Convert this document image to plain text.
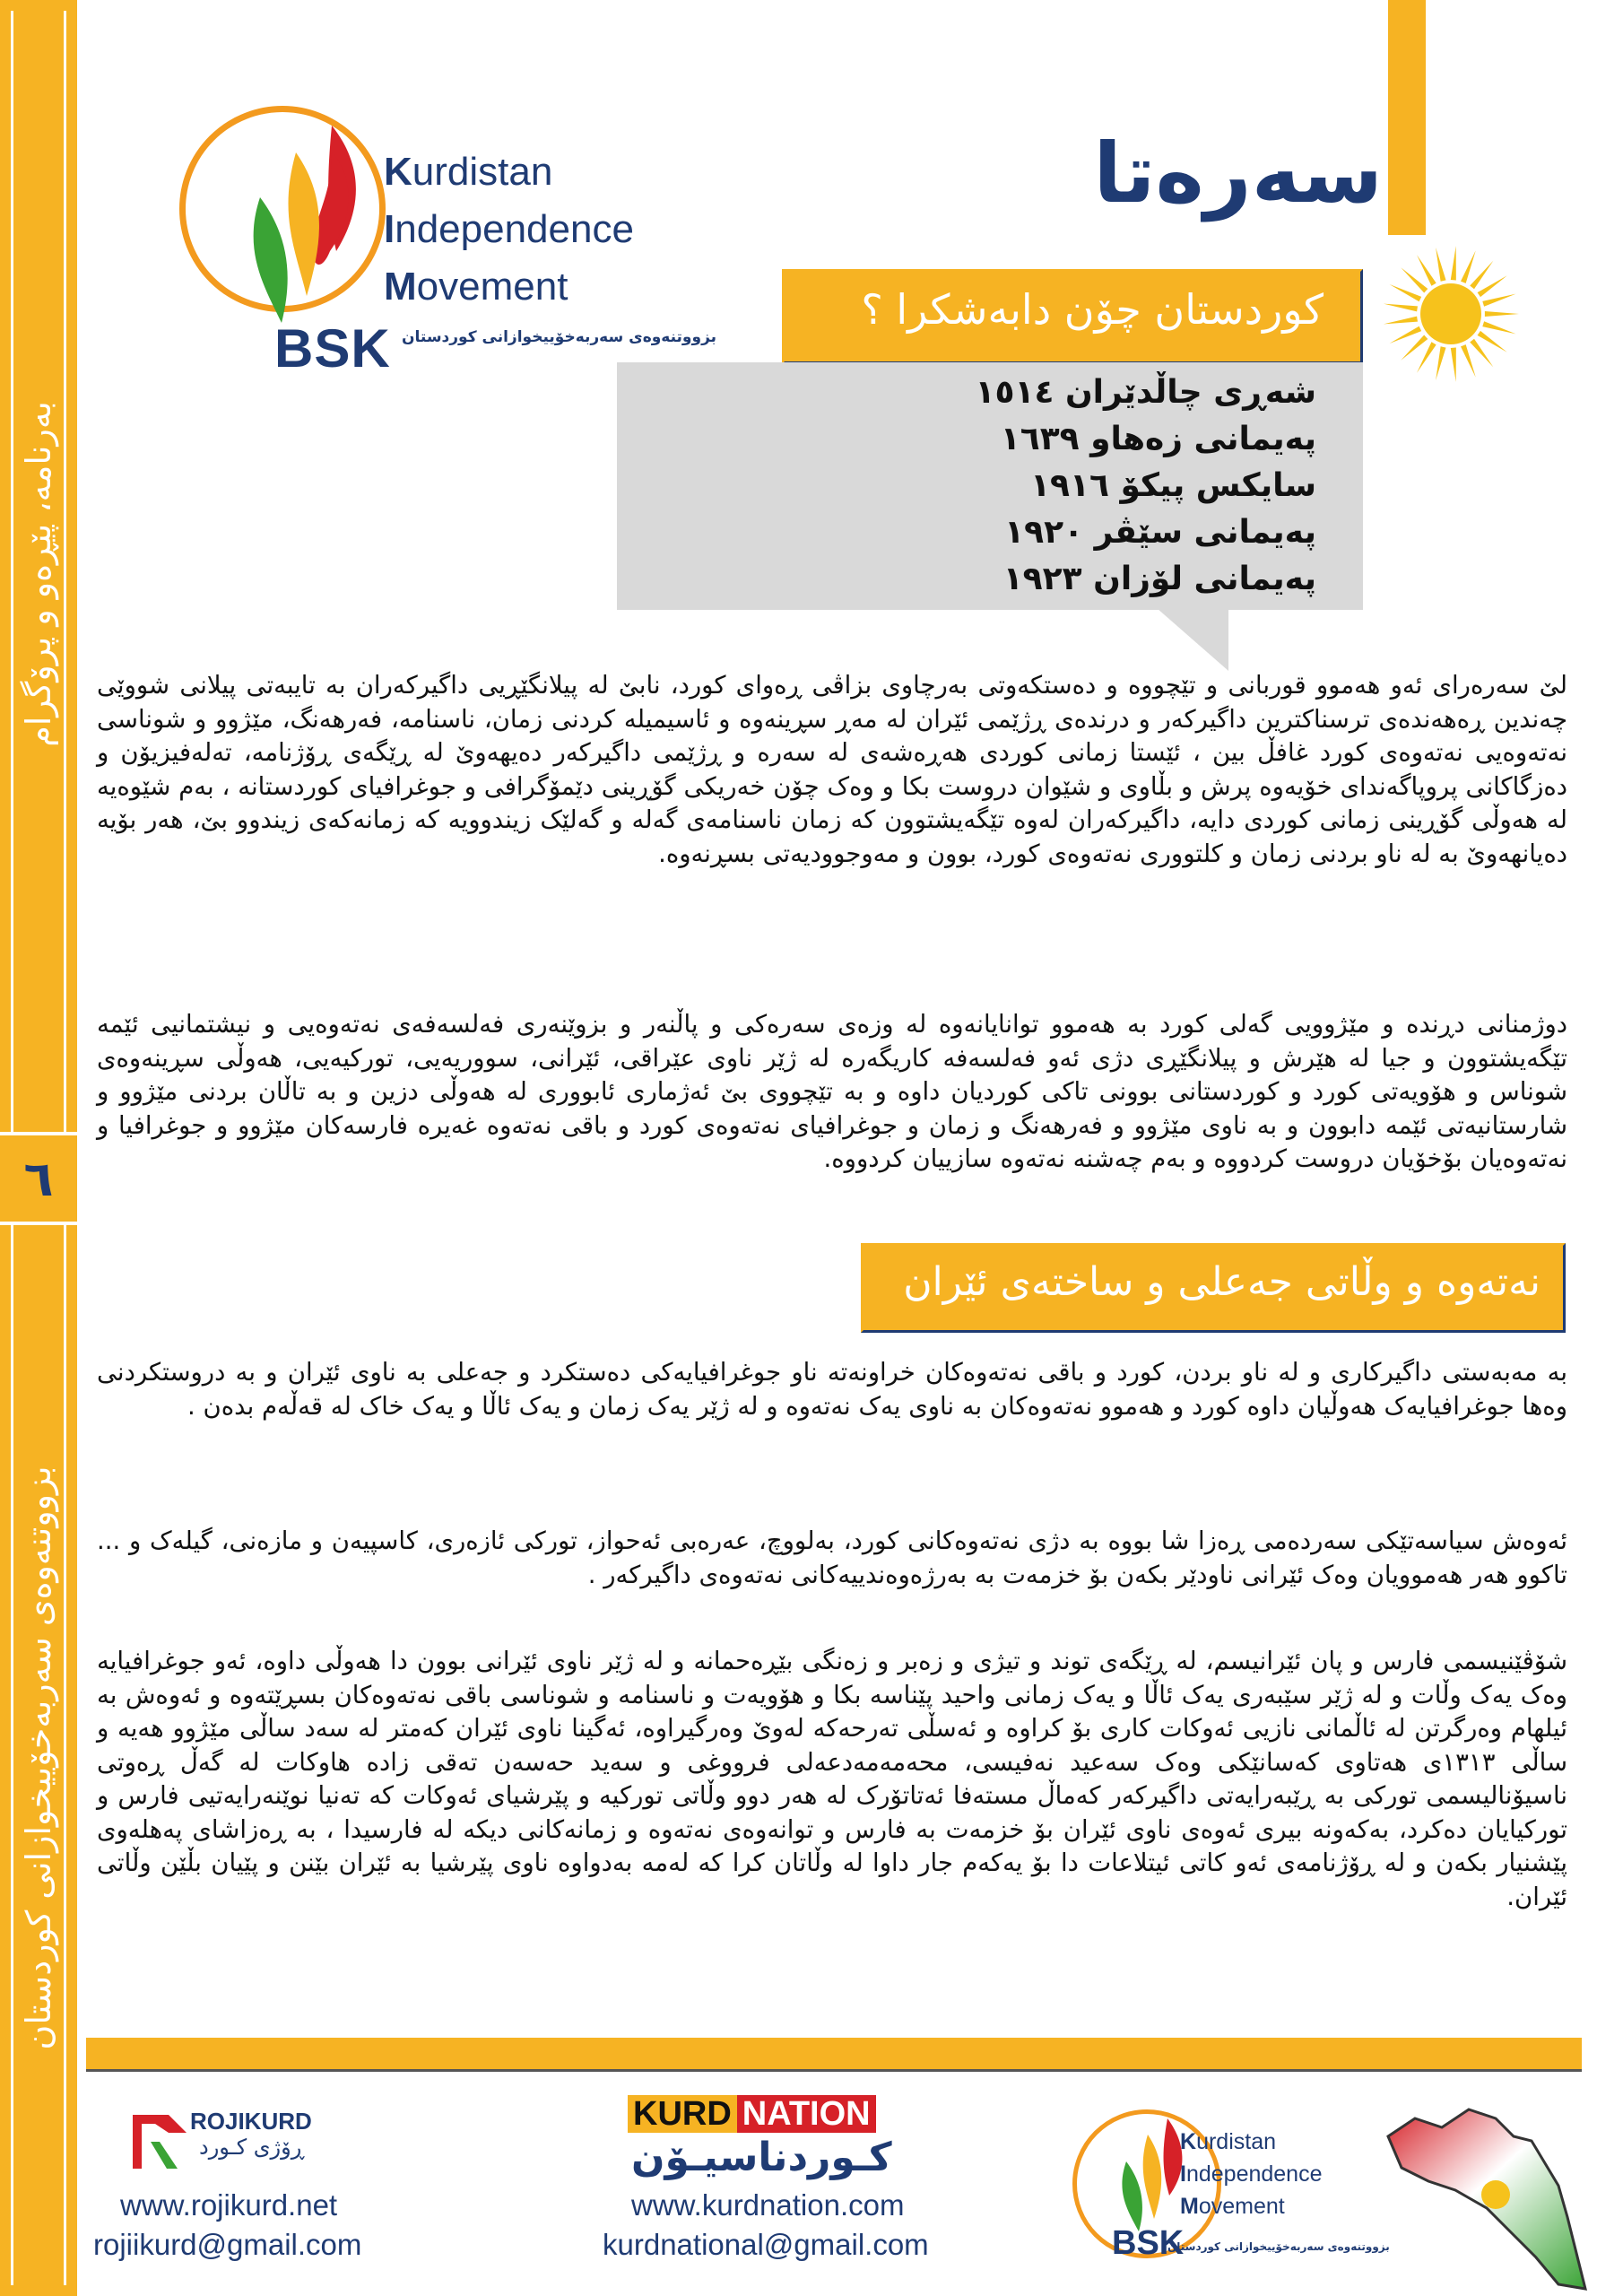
بەرنامە، پێڕەو و پرۆگرام
بزووتنەوەی سەربەخۆییخوازانی کوردستان
٦
Kurdistan
Independence
Movement
BSK بزووتنەوەی سەربەخۆییخوازانی کوردستان
سەرەتا
کوردستان چۆن دابەشکرا ؟
شەڕی چاڵدێران ١٥١٤
پەیمانی زەهاو ١٦٣٩
سایکس پیکۆ ١٩١٦
پەیمانی سێڤر ١٩٢٠
پەیمانی لۆزان ١٩٢٣

لێ سەرەرای ئەو هەموو قوربانی و تێچووە و دەستکەوتی بەرچاوی بزاڤی ڕەوای کورد، نابێ لە پیلانگێڕیی داگیرکەران بە تایبەتی پیلانی شووێی چەندین ڕەهەندەی ترسناکترین داگیرکەر و درندەی ڕژێمی ئێران لە مەڕ سڕینەوە و ئاسیمیلە کردنی زمان، ناسنامە، فەرهەنگ، مێژوو و شوناسی نەتەوەیی نەتەوەی کورد غافڵ بین ، ئێستا زمانی کوردی هەڕەشەی لە سەرە و ڕژێمی داگیرکەر دەیهەوێ لە ڕێگەی ڕۆژنامە، تەلەفیزیۆن و دەزگاکانی پروپاگەندای خۆیەوە پرش و بڵاوی و شێوان دروست بکا و وەک چۆن خەریکی گۆڕینی دێمۆگرافی و جوغرافیای کوردستانە ، بەم شێوەیە لە هەوڵی گۆڕینی زمانی کوردی دایە، داگیرکەران لەوە تێگەیشتوون کە زمان ناسنامەی گەلە و گەلێک زیندوویە کە زمانەکەی زیندوو بێ، هەر بۆیە دەیانهەوێ بە لە ناو بردنی زمان و کلتووری نەتەوەی کورد، بوون و مەوجوودیەتی بسڕنەوە.

دوژمنانی دڕندە و مێژوویی گەلی کورد بە هەموو توانایانەوە لە وزەی سەرەکی و پاڵنەر و بزوێنەری فەلسەفەی نەتەوەیی و نیشتمانیی ئێمە تێگەیشتوون و جیا لە هێرش و پیلانگێڕی دژی ئەو فەلسەفە کاریگەرە لە ژێر ناوی عێراقی، ئێرانی، سووریەیی، تورکیەیی، هەوڵی سڕینەوەی شوناس و هۆویەتی کورد و کوردستانی بوونی تاکی کوردیان داوە و بە تێچووی بێ ئەژماری ئابووری لە هەوڵی دزین و بە تاڵان بردنی مێژوو و شارستانیەتی ئێمە دابوون و بە ناوی مێژوو و فەرهەنگ و زمان و جوغرافیای نەتەوەی کورد و باقی نەتەوە غەیرە فارسەکان مێژوو و جوغرافیا و نەتەوەیان بۆخۆیان دروست کردووە و بەم چەشنە نەتەوە سازییان کردووە.

نەتەوە و وڵاتی جەعلی و ساختەی ئێران

بە مەبەستی داگیرکاری و لە ناو بردن، کورد و باقی نەتەوەکان خراونەتە ناو جوغرافیایەکی دەستکرد و جەعلی بە ناوی ئێران و بە دروستکردنی وەها جوغرافیایەک هەوڵیان داوە کورد و هەموو نەتەوەکان بە ناوی یەک نەتەوە و لە ژێر یەک زمان و یەک ئاڵا و یەک خاک لە قەڵەم بدەن .

ئەوەش سیاسەتێکی سەردەمی ڕەزا شا بووە بە دژی نەتەوەکانی کورد، بەلووچ، عەرەبی ئەحواز، تورکی ئازەری، کاسپیەن و مازەنی، گیلەک و ... تاکوو هەر هەموویان وەک ئێرانی ناودێر بکەن بۆ خزمەت بە بەرژەوەندییەکانی نەتەوەی داگیرکەر .

شۆڤێنیسمی فارس و پان ئێرانیسم، لە ڕێگەی توند و تیژی و زەبر و زەنگی بێڕەحمانە و لە ژێر ناوی ئێرانی بوون دا هەوڵی داوە، ئەو جوغرافیایە وەک یەک وڵات و لە ژێر سێبەری یەک ئاڵا و یەک زمانی واحید پێناسە بکا و هۆویەت و ناسنامە و شوناسی باقی نەتەوەکان بسڕێتەوە و ئەوەش بە ئیلهام وەرگرتن لە ئاڵمانی نازیی ئەوکات کاری بۆ کراوە و ئەسڵی تەرحەکە لەوێ وەرگیراوە، ئەگینا ناوی ئێران کەمتر لە سەد ساڵی مێژوو هەیە و ساڵی ١٣١٣ی هەتاوی کەسانێکی وەک سەعید نەفیسی، محەمەمەدعەلی فرووغی و سەید حەسەن تەقی زادە هاوکات لە گەڵ ڕەوتی ناسیۆنالیسمی تورکی بە ڕێبەرایەتی داگیرکەر کەماڵ مستەفا ئەتاتۆرک لە هەر دوو وڵاتی تورکیە و پێرشیای ئەوکات کە تەنیا نوێنەرایەتیی فارس و تورکیایان دەکرد، بەکەونە بیری ئەوەی ناوی ئێران بۆ خزمەت بە فارس و توانەوەی نەتەوە و زمانەکانی دیکە لە فارسیدا ، بە ڕەزاشای پەهلەوی پێشنیار بکەن و لە ڕۆژنامەی ئەو کاتی ئیتلاعات دا بۆ یەکەم جار داوا لە وڵاتان کرا کە لەمە بەدواوە ناوی پێرشیا بە ئێران بێنن و پێیان بڵێن وڵاتی ئێران.

ROJIKURD
ڕۆژی کـورد
www.rojikurd.net
rojiikurd@gmail.com
KURD NATION
کـوردناسیـۆن
www.kurdnation.com
kurdnational@gmail.com
Kurdistan
Independence
Movement
BSK
بزووتنەوەی سەربەخۆییخوازانی کوردستان
